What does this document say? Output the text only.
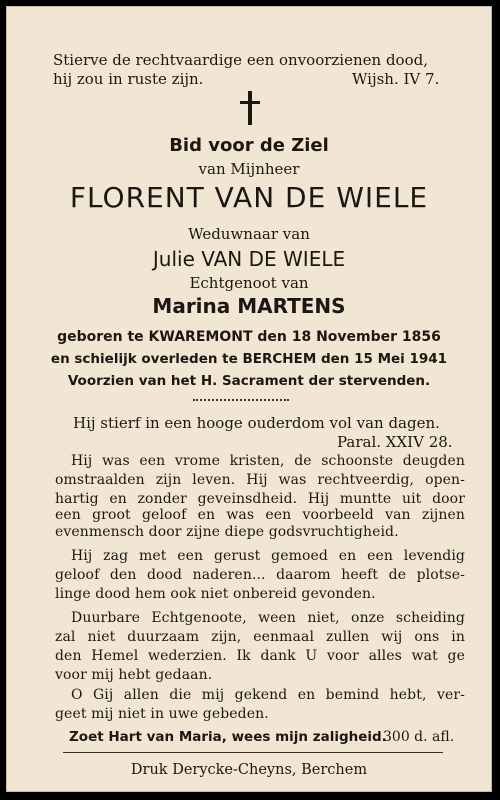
Stierve de rechtvaardige een onvoorzienen dood,
hij zou in ruste zijn.	Wijsh. IV 7.
Bid voor de Ziel
van Mijnheer
FLORENT VAN DE WIELE
Weduwnaar van
Julie VAN DE WIELE
Echtgenoot van
Marina MARTENS
geboren te KWAREMONT den 18 November 1856
en schielijk overleden te BERCHEM den 15 Mei 1941
Voorzien van het H. Sacrament der stervenden.
Hij stierf in een hooge ouderdom vol van dagen.
Paral. XXIV 28.
Hij was een vrome kristen, de schoonste deugden
omstraalden zijn leven. Hij was rechtveerdig, open-
hartig en zonder geveinsdheid. Hij muntte uit door
een groot geloof en was een voorbeeld van zijnen
evenmensch door zijne diepe godsvruchtigheid.
Hij zag met een gerust gemoed en een levendig
geloof den dood naderen... daarom heeft de plotse-
linge dood hem ook niet onbereid gevonden.
Duurbare Echtgenoote, ween niet, onze scheiding
zal niet duurzaam zijn, eenmaal zullen wij ons in
den Hemel wederzien. Ik dank U voor alles wat ge
voor mij hebt gedaan.
O Gij allen die mij gekend en bemind hebt, ver-
geet mij niet in uwe gebeden.
Zoet Hart van Maria, wees mijn zaligheid.
300 d. afl.
Druk Derycke-Cheyns, Berchem
